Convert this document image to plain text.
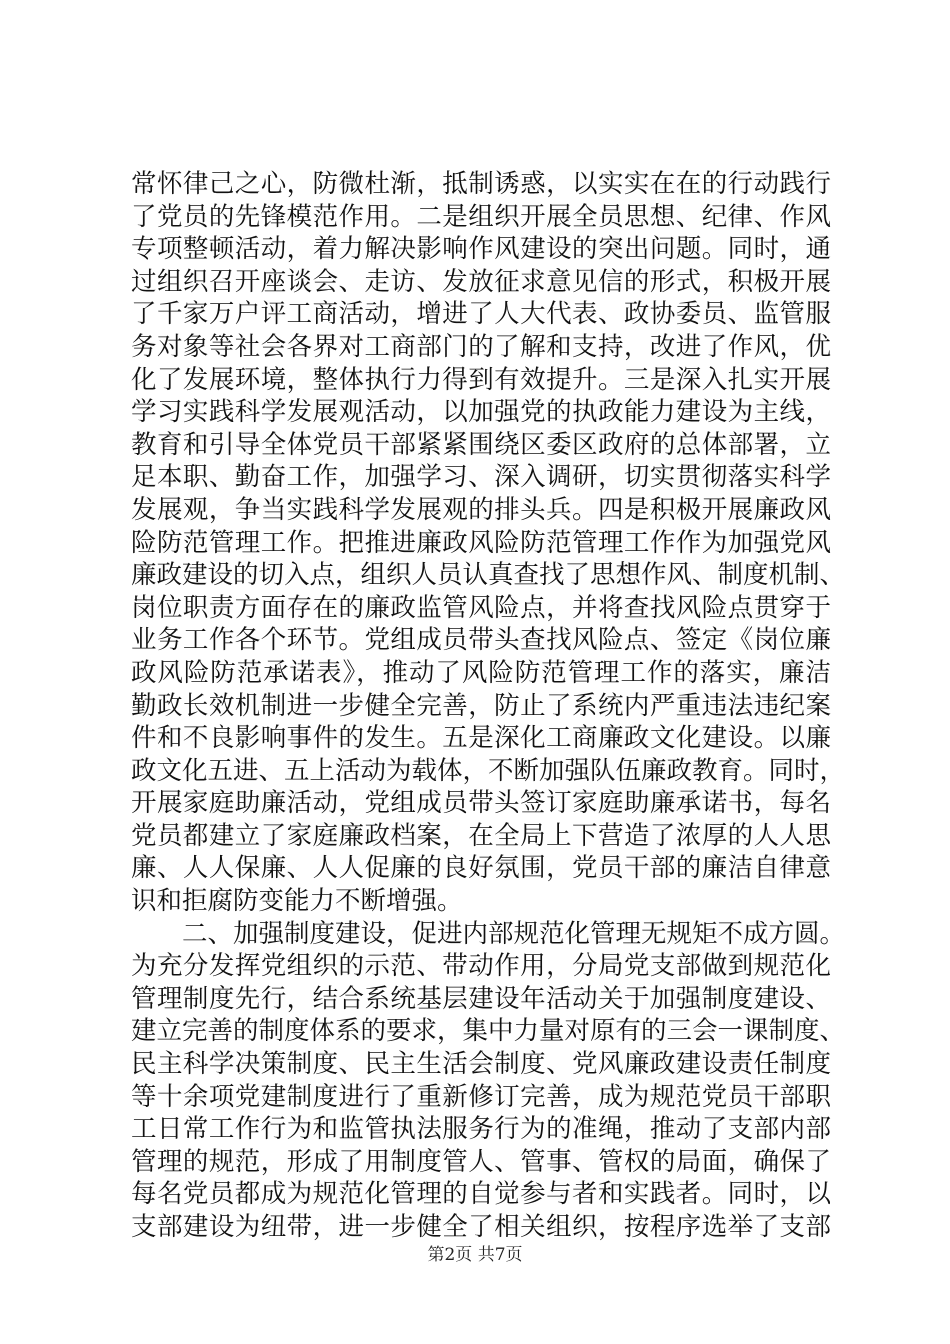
常怀律己之心，防微杜渐，抵制诱惑，以实实在在的行动践行
了党员的先锋模范作用。二是组织开展全员思想、纪律、作风
专项整顿活动，着力解决影响作风建设的突出问题。同时，通
过组织召开座谈会、走访、发放征求意见信的形式，积极开展
了千家万户评工商活动，增进了人大代表、政协委员、监管服
务对象等社会各界对工商部门的了解和支持，改进了作风，优
化了发展环境，整体执行力得到有效提升。三是深入扎实开展
学习实践科学发展观活动，以加强党的执政能力建设为主线，
教育和引导全体党员干部紧紧围绕区委区政府的总体部署，立
足本职、勤奋工作，加强学习、深入调研，切实贯彻落实科学
发展观，争当实践科学发展观的排头兵。四是积极开展廉政风
险防范管理工作。把推进廉政风险防范管理工作作为加强党风
廉政建设的切入点，组织人员认真查找了思想作风、制度机制、
岗位职责方面存在的廉政监管风险点，并将查找风险点贯穿于
业务工作各个环节。党组成员带头查找风险点、签定《岗位廉
政风险防范承诺表》，推动了风险防范管理工作的落实，廉洁
勤政长效机制进一步健全完善，防止了系统内严重违法违纪案
件和不良影响事件的发生。五是深化工商廉政文化建设。以廉
政文化五进、五上活动为载体，不断加强队伍廉政教育。同时，
开展家庭助廉活动，党组成员带头签订家庭助廉承诺书，每名
党员都建立了家庭廉政档案，在全局上下营造了浓厚的人人思
廉、人人保廉、人人促廉的良好氛围，党员干部的廉洁自律意
识和拒腐防变能力不断增强。
二、加强制度建设，促进内部规范化管理无规矩不成方圆。
为充分发挥党组织的示范、带动作用，分局党支部做到规范化
管理制度先行，结合系统基层建设年活动关于加强制度建设、
建立完善的制度体系的要求，集中力量对原有的三会一课制度、
民主科学决策制度、民主生活会制度、党风廉政建设责任制度
等十余项党建制度进行了重新修订完善，成为规范党员干部职
工日常工作行为和监管执法服务行为的准绳，推动了支部内部
管理的规范，形成了用制度管人、管事、管权的局面，确保了
每名党员都成为规范化管理的自觉参与者和实践者。同时，以
支部建设为纽带，进一步健全了相关组织，按程序选举了支部
第2页 共7页
